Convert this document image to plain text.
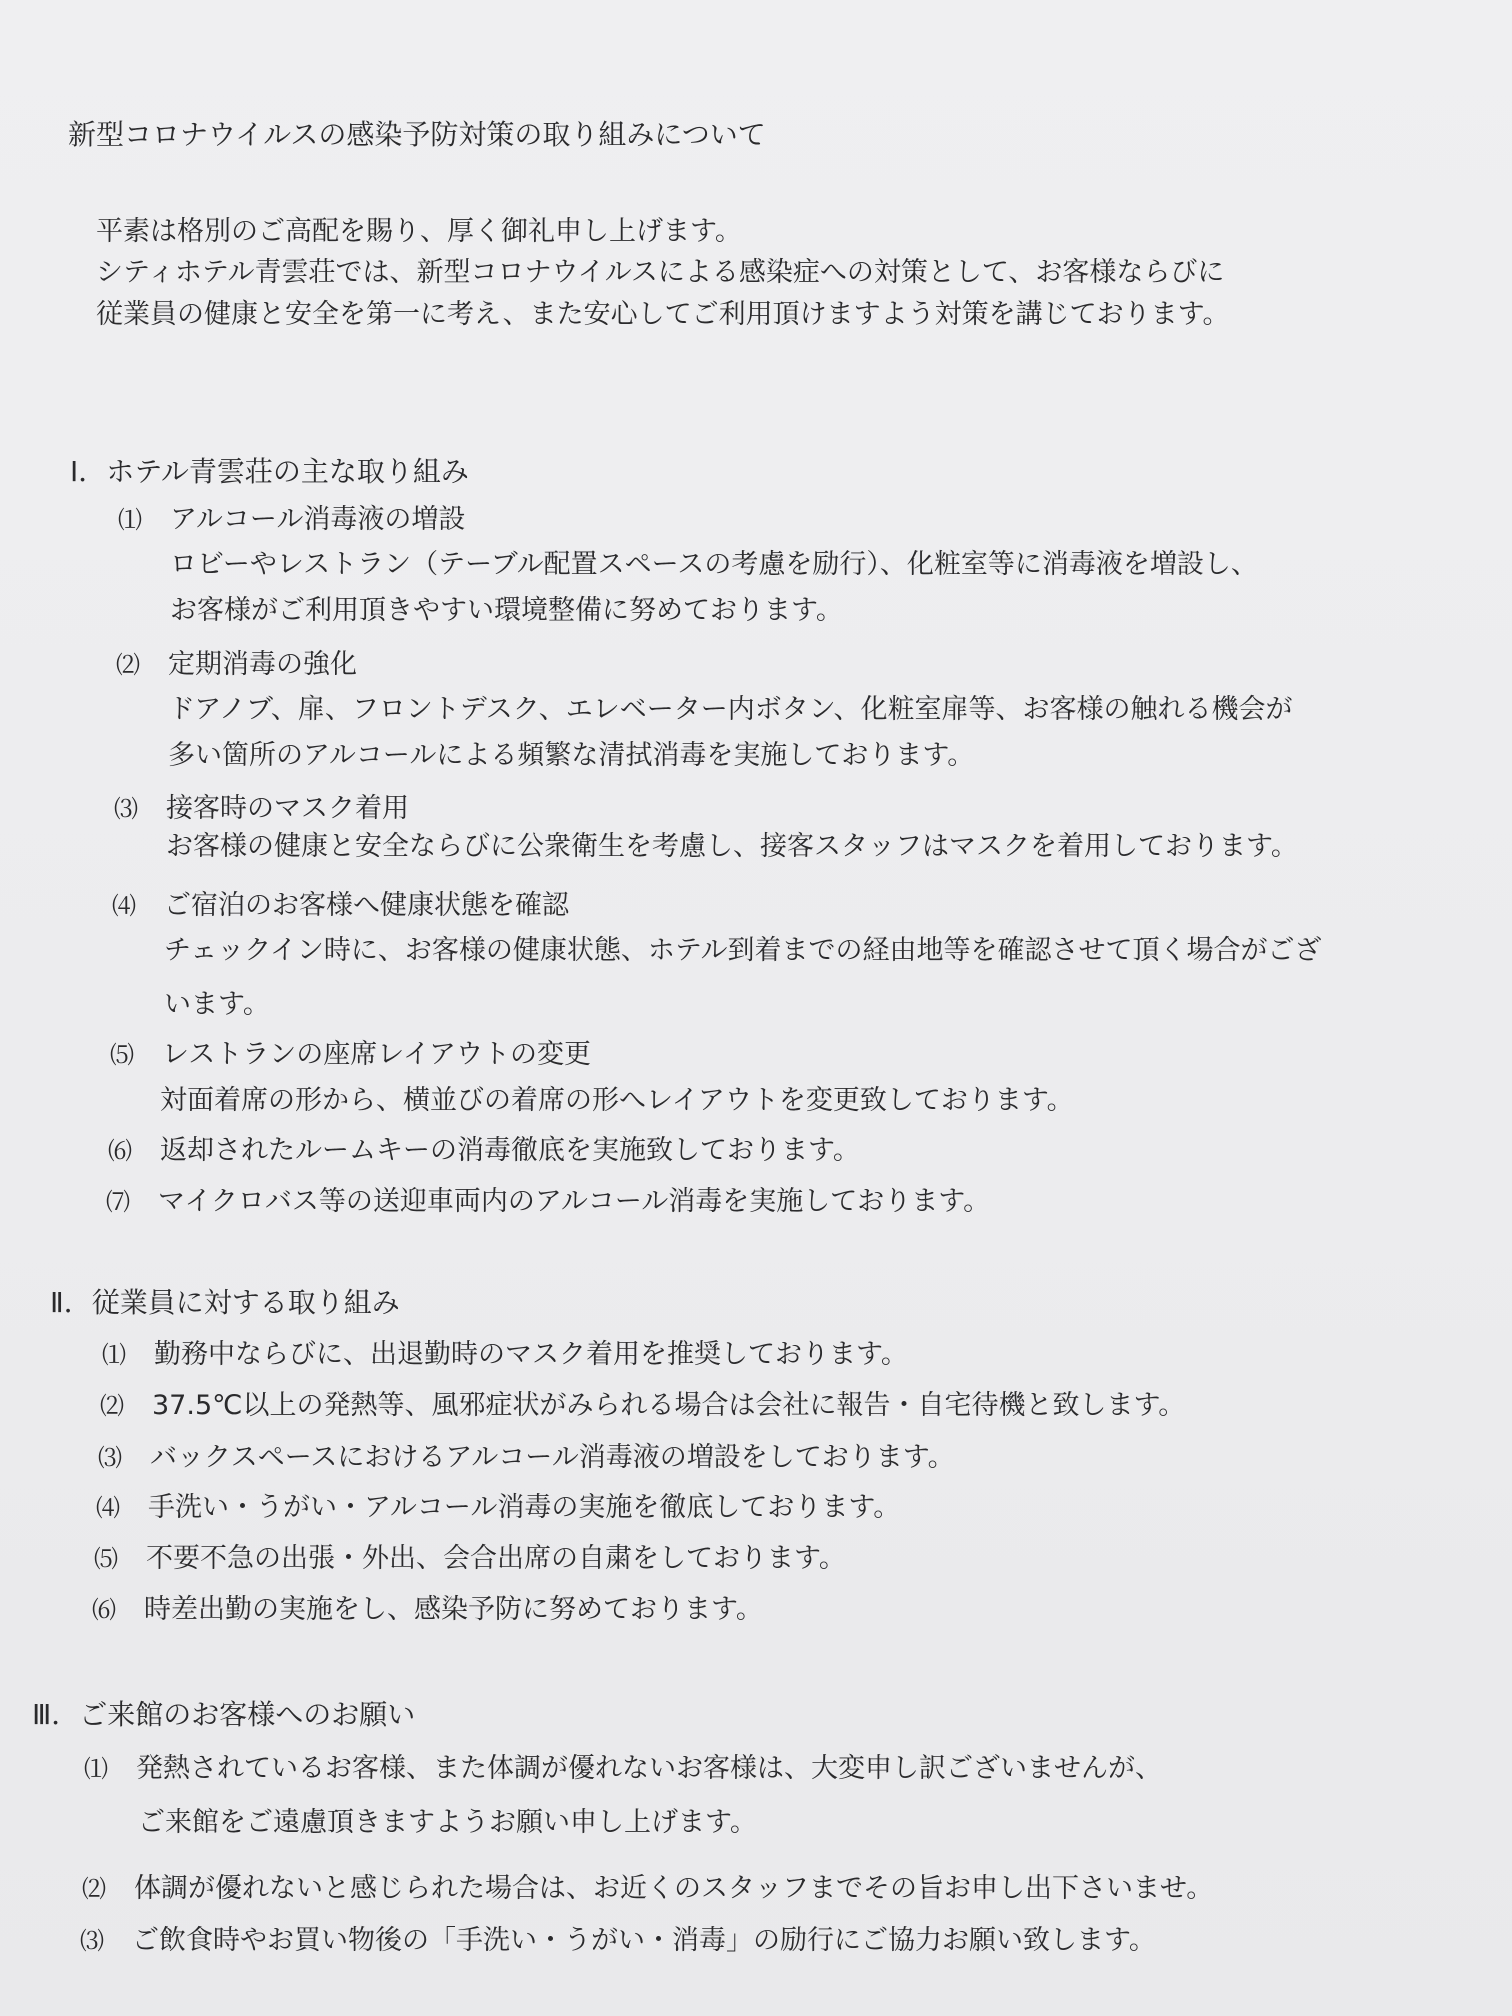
新型コロナウイルスの感染予防対策の取り組みについて
平素は格別のご高配を賜り、厚く御礼申し上げます。
シティホテル青雲荘では、新型コロナウイルスによる感染症への対策として、お客様ならびに
従業員の健康と安全を第一に考え、また安心してご利用頂けますよう対策を講じております。
Ⅰ．ホテル青雲荘の主な取り組み
⑴ アルコール消毒液の増設
ロビーやレストラン（テーブル配置スペースの考慮を励行）、化粧室等に消毒液を増設し、
お客様がご利用頂きやすい環境整備に努めております。
⑵ 定期消毒の強化
ドアノブ、扉、フロントデスク、エレベーター内ボタン、化粧室扉等、お客様の触れる機会が
多い箇所のアルコールによる頻繁な清拭消毒を実施しております。
⑶ 接客時のマスク着用
お客様の健康と安全ならびに公衆衛生を考慮し、接客スタッフはマスクを着用しております。
⑷ ご宿泊のお客様へ健康状態を確認
チェックイン時に、お客様の健康状態、ホテル到着までの経由地等を確認させて頂く場合がござ
います。
⑸ レストランの座席レイアウトの変更
対面着席の形から、横並びの着席の形へレイアウトを変更致しております。
⑹ 返却されたルームキーの消毒徹底を実施致しております。
⑺ マイクロバス等の送迎車両内のアルコール消毒を実施しております。
Ⅱ．従業員に対する取り組み
⑴ 勤務中ならびに、出退勤時のマスク着用を推奨しております。
⑵ 37.5℃以上の発熱等、風邪症状がみられる場合は会社に報告・自宅待機と致します。
⑶ バックスペースにおけるアルコール消毒液の増設をしております。
⑷ 手洗い・うがい・アルコール消毒の実施を徹底しております。
⑸ 不要不急の出張・外出、会合出席の自粛をしております。
⑹ 時差出勤の実施をし、感染予防に努めております。
Ⅲ．ご来館のお客様へのお願い
⑴ 発熱されているお客様、また体調が優れないお客様は、大変申し訳ございませんが、
ご来館をご遠慮頂きますようお願い申し上げます。
⑵ 体調が優れないと感じられた場合は、お近くのスタッフまでその旨お申し出下さいませ。
⑶ ご飲食時やお買い物後の「手洗い・うがい・消毒」の励行にご協力お願い致します。
